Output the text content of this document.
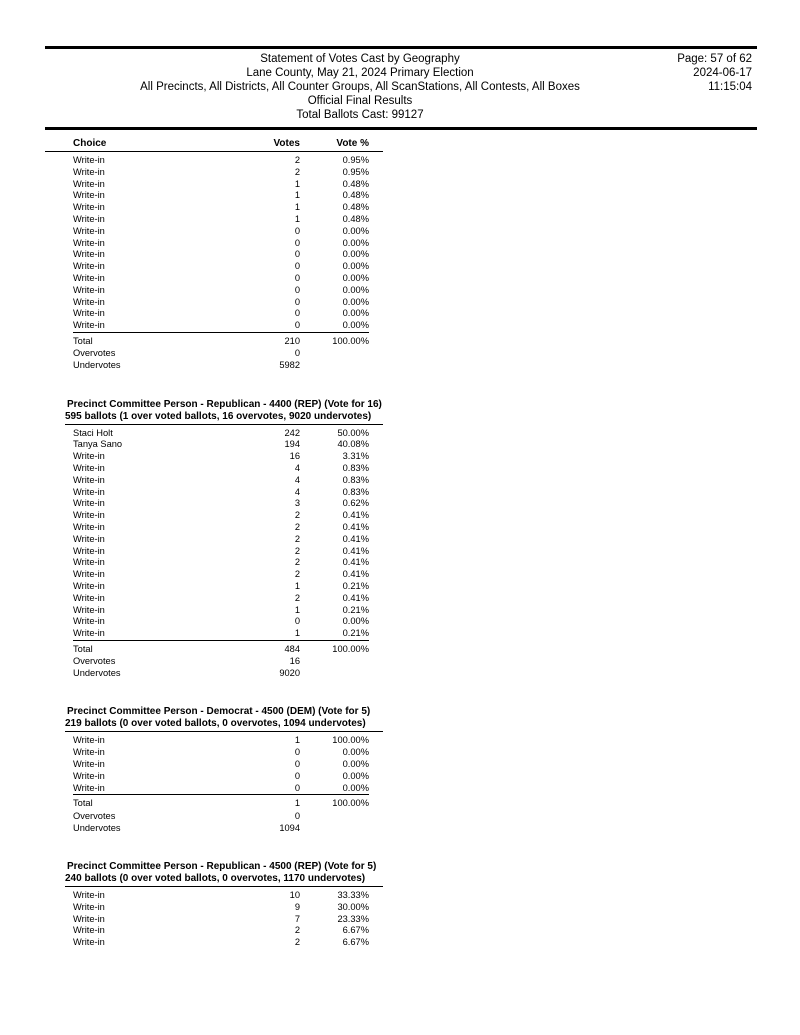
Statement of Votes Cast by Geography
Lane County, May 21, 2024 Primary Election
All Precincts, All Districts, All Counter Groups, All ScanStations, All Contests, All Boxes
Official Final Results
Total Ballots Cast: 99127
Page: 57 of 62
2024-06-17
11:15:04
Choice	Votes	Vote %
Write-in	2	0.95%
Write-in	2	0.95%
Write-in	1	0.48%
Write-in	1	0.48%
Write-in	1	0.48%
Write-in	1	0.48%
Write-in	0	0.00%
Write-in	0	0.00%
Write-in	0	0.00%
Write-in	0	0.00%
Write-in	0	0.00%
Write-in	0	0.00%
Write-in	0	0.00%
Write-in	0	0.00%
Write-in	0	0.00%
Total	210	100.00%
Overvotes	0
Undervotes	5982
Precinct Committee Person - Republican - 4400 (REP) (Vote for 16)
595 ballots (1 over voted ballots, 16 overvotes, 9020 undervotes)
Staci Holt	242	50.00%
Tanya Sano	194	40.08%
Write-in	16	3.31%
Write-in	4	0.83%
Write-in	4	0.83%
Write-in	4	0.83%
Write-in	3	0.62%
Write-in	2	0.41%
Write-in	2	0.41%
Write-in	2	0.41%
Write-in	2	0.41%
Write-in	2	0.41%
Write-in	2	0.41%
Write-in	1	0.21%
Write-in	2	0.41%
Write-in	1	0.21%
Write-in	0	0.00%
Write-in	1	0.21%
Total	484	100.00%
Overvotes	16
Undervotes	9020
Precinct Committee Person - Democrat - 4500 (DEM) (Vote for 5)
219 ballots (0 over voted ballots, 0 overvotes, 1094 undervotes)
Write-in	1	100.00%
Write-in	0	0.00%
Write-in	0	0.00%
Write-in	0	0.00%
Write-in	0	0.00%
Total	1	100.00%
Overvotes	0
Undervotes	1094
Precinct Committee Person - Republican - 4500 (REP) (Vote for 5)
240 ballots (0 over voted ballots, 0 overvotes, 1170 undervotes)
Write-in	10	33.33%
Write-in	9	30.00%
Write-in	7	23.33%
Write-in	2	6.67%
Write-in	2	6.67%
